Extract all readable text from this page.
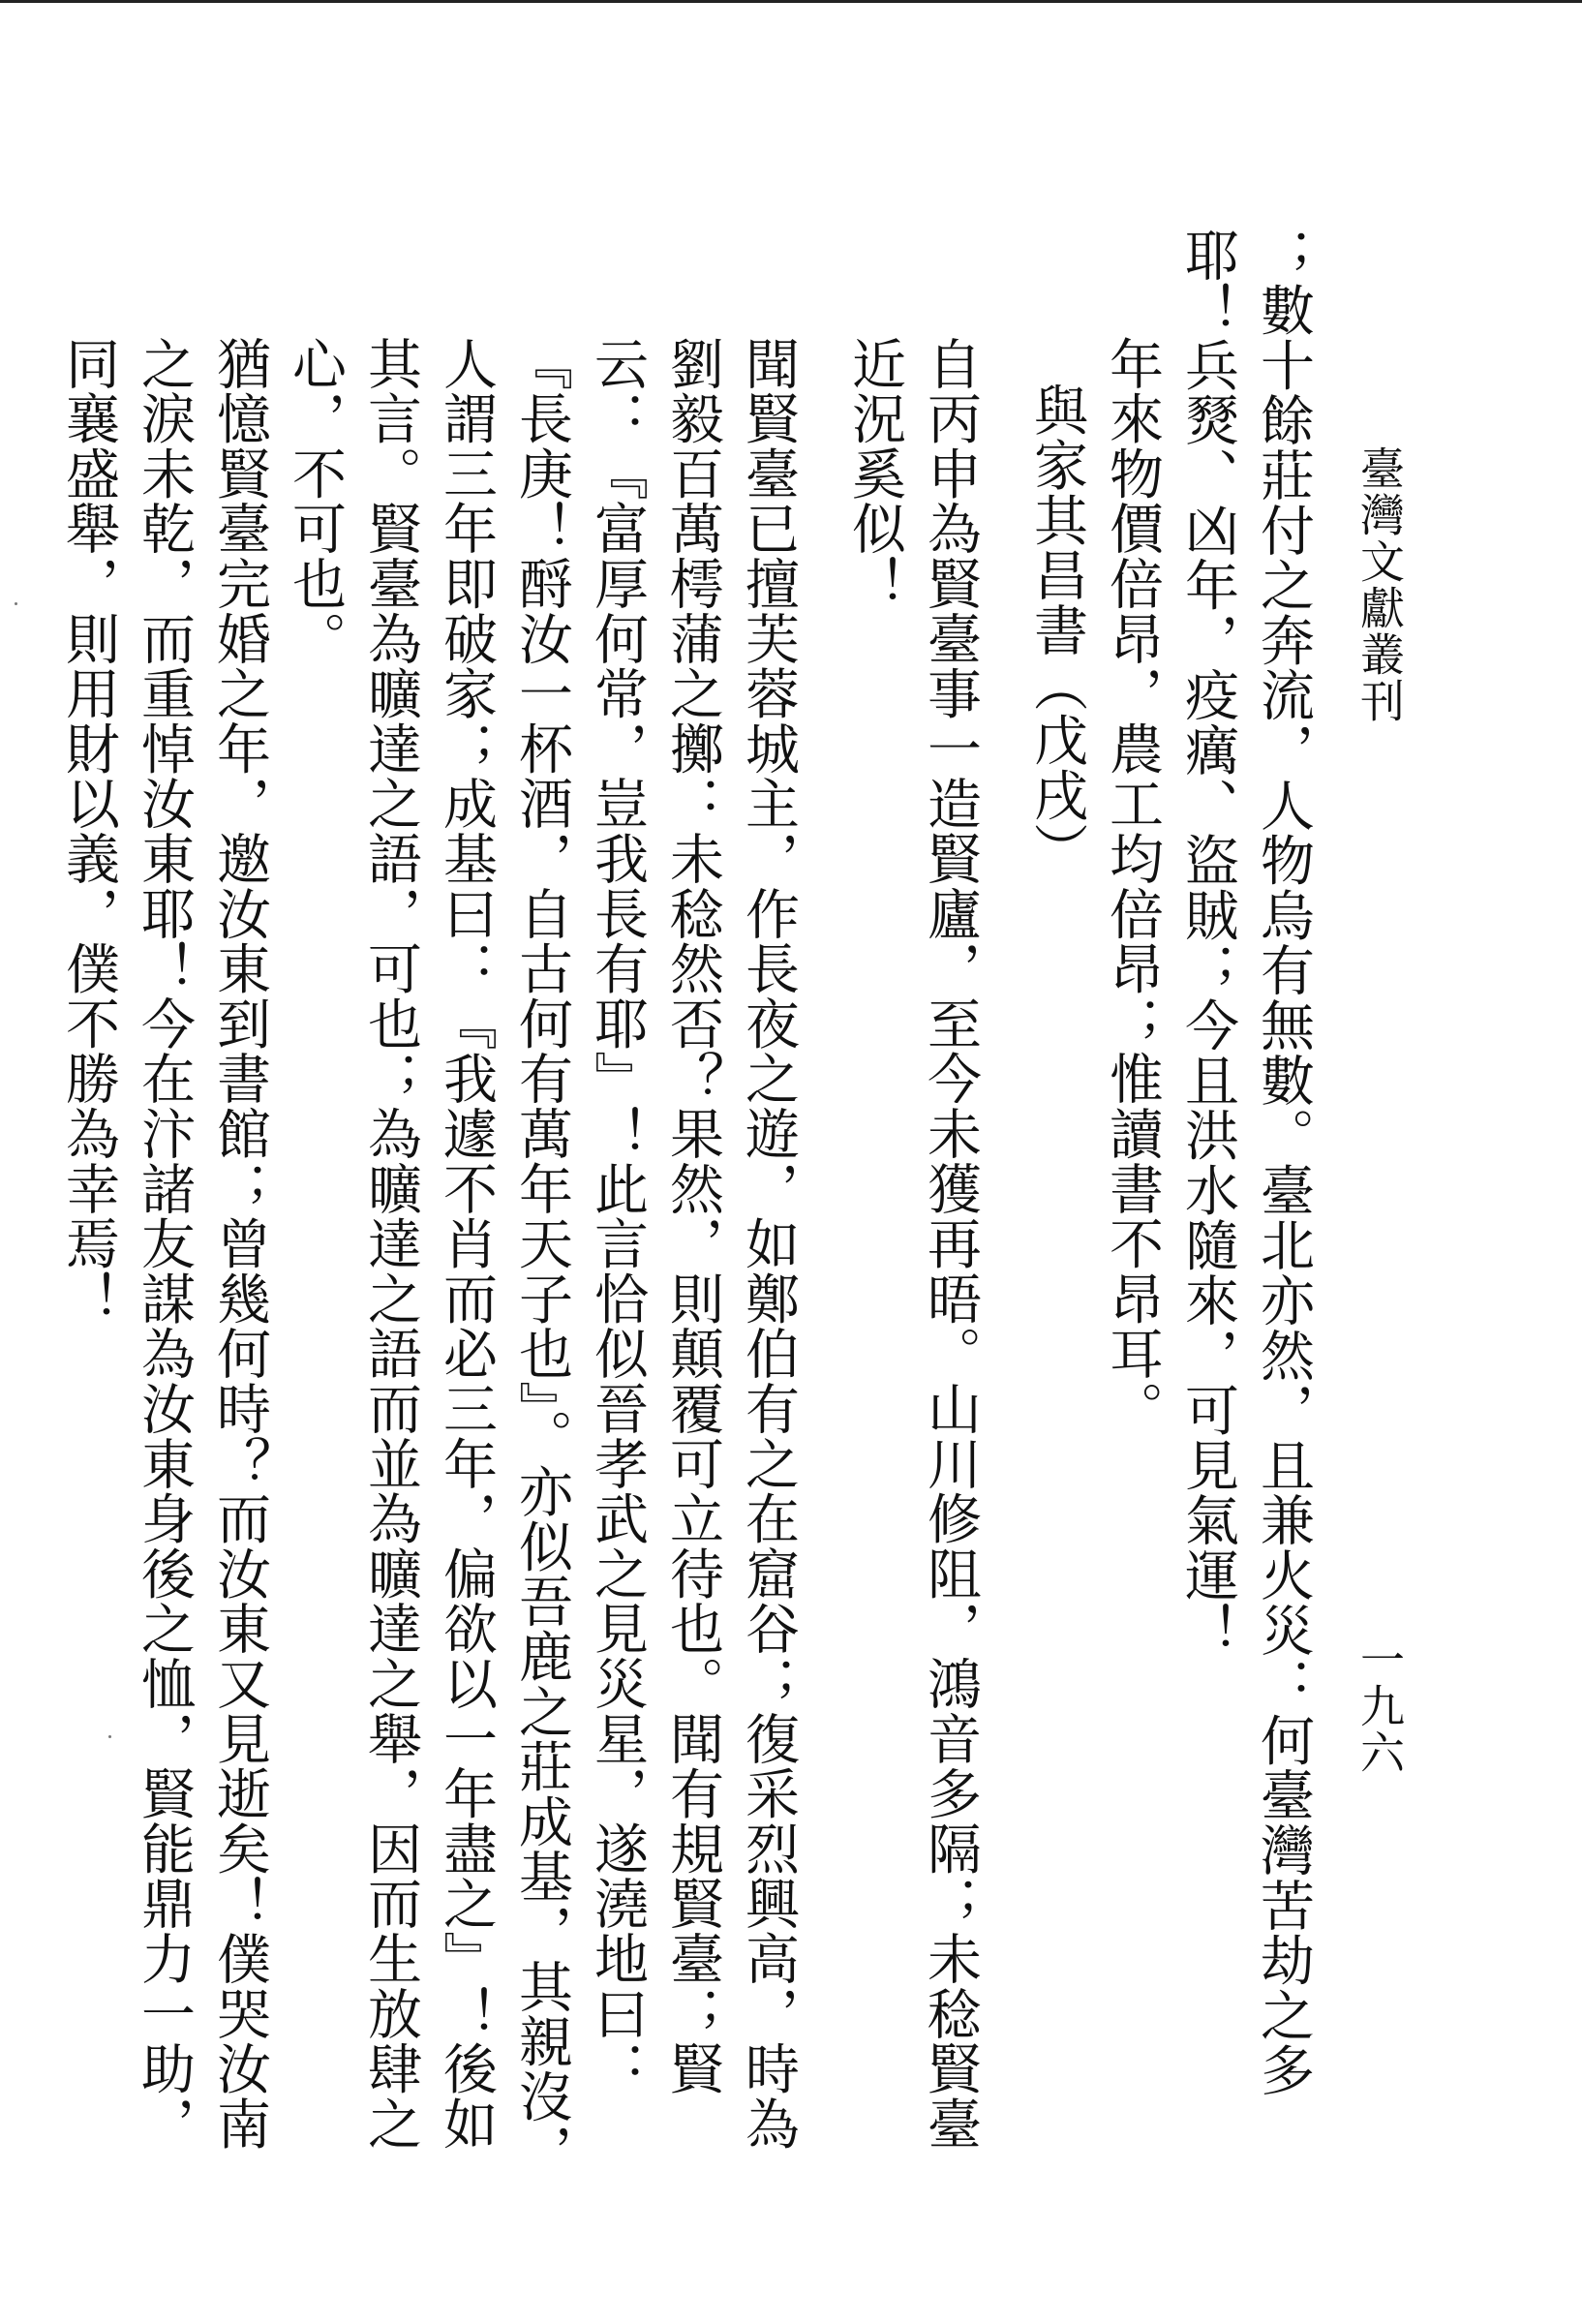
臺灣文獻叢刊
一九六

；數十餘莊付之奔流，人物烏有無數。臺北亦然，且兼火災：何臺灣苦劫之多耶！兵燹、凶年，疫癘、盜賊；今且洪水隨來，可見氣運！

年來物價倍昂，農工均倍昂；惟讀書不昂耳。

與家其昌書（戊戌）

自丙申為賢臺事一造賢廬，至今未獲再晤。山川修阻，鴻音多隔；未稔賢臺近況奚似！

聞賢臺已擅芙蓉城主，作長夜之遊，如鄭伯有之在窟谷；復采烈興高，時為劉毅百萬樗蒲之擲：未稔然否？果然，則顛覆可立待也。聞有規賢臺；賢云：『富厚何常，豈我長有耶』！此言恰似晉孝武之見災星，遂澆地曰：『長庚！酹汝一杯酒，自古何有萬年天子也』。亦似吾鹿之莊成基，其親沒，人謂三年即破家；成基曰：『我遽不肖而必三年，偏欲以一年盡之』！後如其言。賢臺為曠達之語，可也；為曠達之語而並為曠達之舉，因而生放肆之心，不可也。

猶憶賢臺完婚之年，邀汝東到書館；曾幾何時？而汝東又見逝矣！僕哭汝南之淚未乾，而重悼汝東耶！今在汴諸友謀為汝東身後之恤，賢能鼎力一助，同襄盛舉，則用財以義，僕不勝為幸焉！
